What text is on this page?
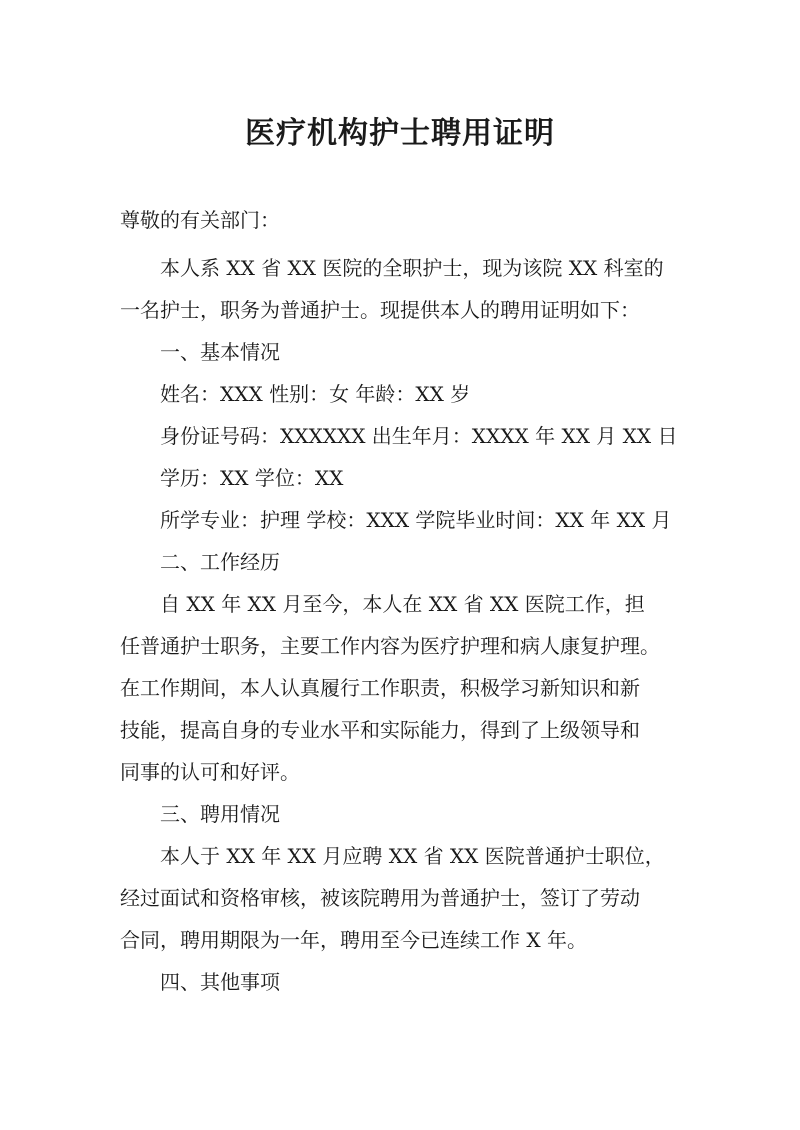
医疗机构护士聘用证明
尊敬的有关部门：
本人系 XX 省 XX 医院的全职护士，现为该院 XX 科室的
一名护士，职务为普通护士。现提供本人的聘用证明如下：
一、基本情况
姓名：XXX 性别：女 年龄：XX 岁
身份证号码：XXXXXX 出生年月：XXXX 年 XX 月 XX 日
学历：XX 学位：XX
所学专业：护理 学校：XXX 学院毕业时间：XX 年 XX 月
二、工作经历
自 XX 年 XX 月至今，本人在 XX 省 XX 医院工作，担
任普通护士职务，主要工作内容为医疗护理和病人康复护理。
在工作期间，本人认真履行工作职责，积极学习新知识和新
技能，提高自身的专业水平和实际能力，得到了上级领导和
同事的认可和好评。
三、聘用情况
本人于 XX 年 XX 月应聘 XX 省 XX 医院普通护士职位，
经过面试和资格审核，被该院聘用为普通护士，签订了劳动
合同，聘用期限为一年，聘用至今已连续工作 X 年。
四、其他事项
